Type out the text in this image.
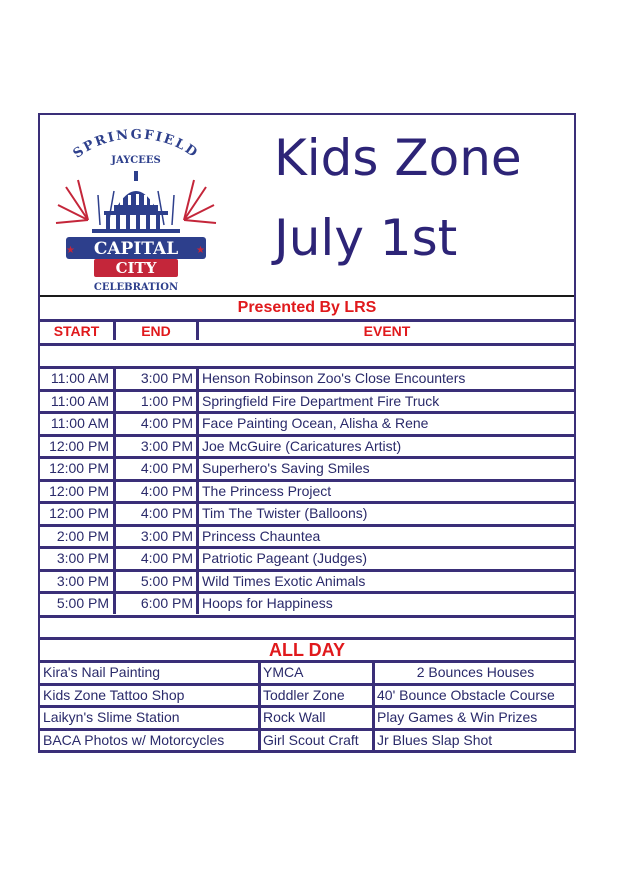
SPRINGFIELD
JAYCEES
CAPITAL
CITY
★	★
CELEBRATION
Kids Zone
July 1st
Presented By LRS
START	END	EVENT
11:00 AM	3:00 PM Henson Robinson Zoo's Close Encounters
11:00 AM	1:00 PM Springfield Fire Department Fire Truck
11:00 AM	4:00 PM Face Painting Ocean, Alisha & Rene
12:00 PM	3:00 PM Joe McGuire (Caricatures Artist)
12:00 PM	4:00 PM Superhero's Saving Smiles
12:00 PM	4:00 PM The Princess Project
12:00 PM	4:00 PM Tim The Twister (Balloons)
2:00 PM	3:00 PM Princess Chauntea
3:00 PM	4:00 PM Patriotic Pageant (Judges)
3:00 PM	5:00 PM Wild Times Exotic Animals
5:00 PM	6:00 PM Hoops for Happiness
ALL DAY
Kira's Nail Painting	YMCA	2 Bounces Houses
Kids Zone Tattoo Shop	Toddler Zone	40' Bounce Obstacle Course
Laikyn's Slime Station	Rock Wall	Play Games & Win Prizes
BACA Photos w/ Motorcycles	Girl Scout Craft	Jr Blues Slap Shot
